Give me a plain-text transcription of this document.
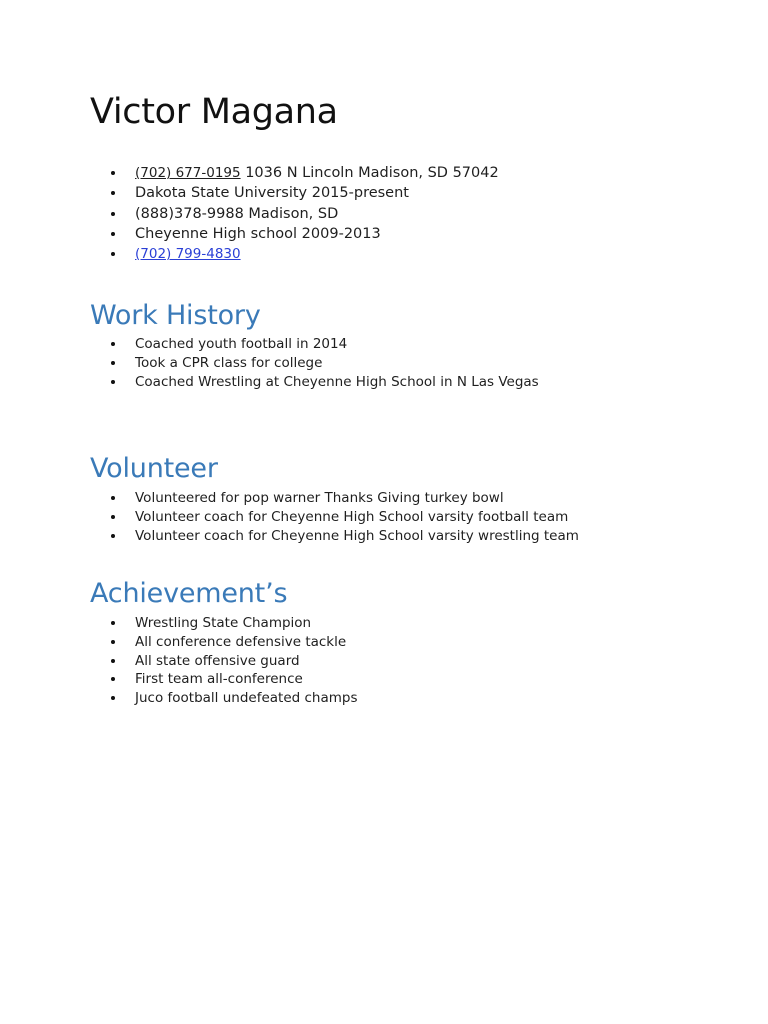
Victor Magana
(702) 677-0195 1036 N Lincoln Madison, SD 57042
Dakota State University 2015-present
(888)378-9988 Madison, SD
Cheyenne High school 2009-2013
(702) 799-4830
Work History
Coached youth football in 2014
Took a CPR class for college
Coached Wrestling at Cheyenne High School in N Las Vegas
Volunteer
Volunteered for pop warner Thanks Giving turkey bowl
Volunteer coach for Cheyenne High School varsity football team
Volunteer coach for Cheyenne High School varsity wrestling team
Achievement’s
Wrestling State Champion
All conference defensive tackle
All state offensive guard
First team all-conference
Juco football undefeated champs
